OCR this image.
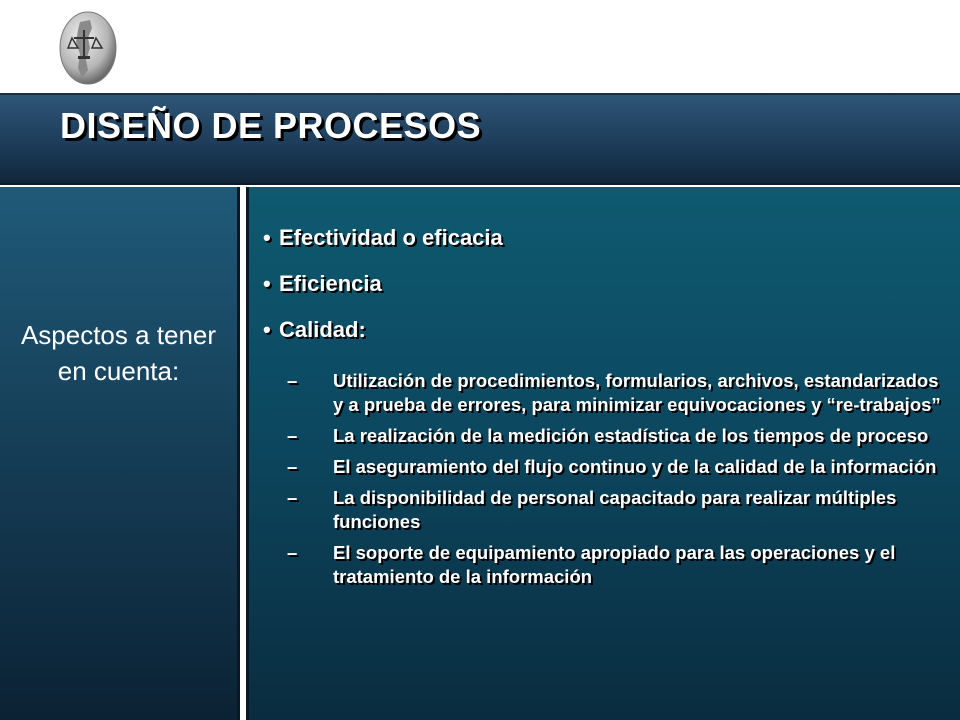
DISEÑO DE PROCESOS
Aspectos a tener en cuenta:
• Efectividad o eficacia
• Eficiencia
• Calidad:
–	Utilización de procedimientos, formularios, archivos, estandarizados y a prueba de errores, para minimizar equivocaciones y “re-trabajos”
–	La realización de la medición estadística de los tiempos de proceso
–	El aseguramiento del flujo continuo y de la calidad de la información
–	La disponibilidad de personal capacitado para realizar múltiples funciones
–	El soporte de equipamiento apropiado para las operaciones y el tratamiento de la información
